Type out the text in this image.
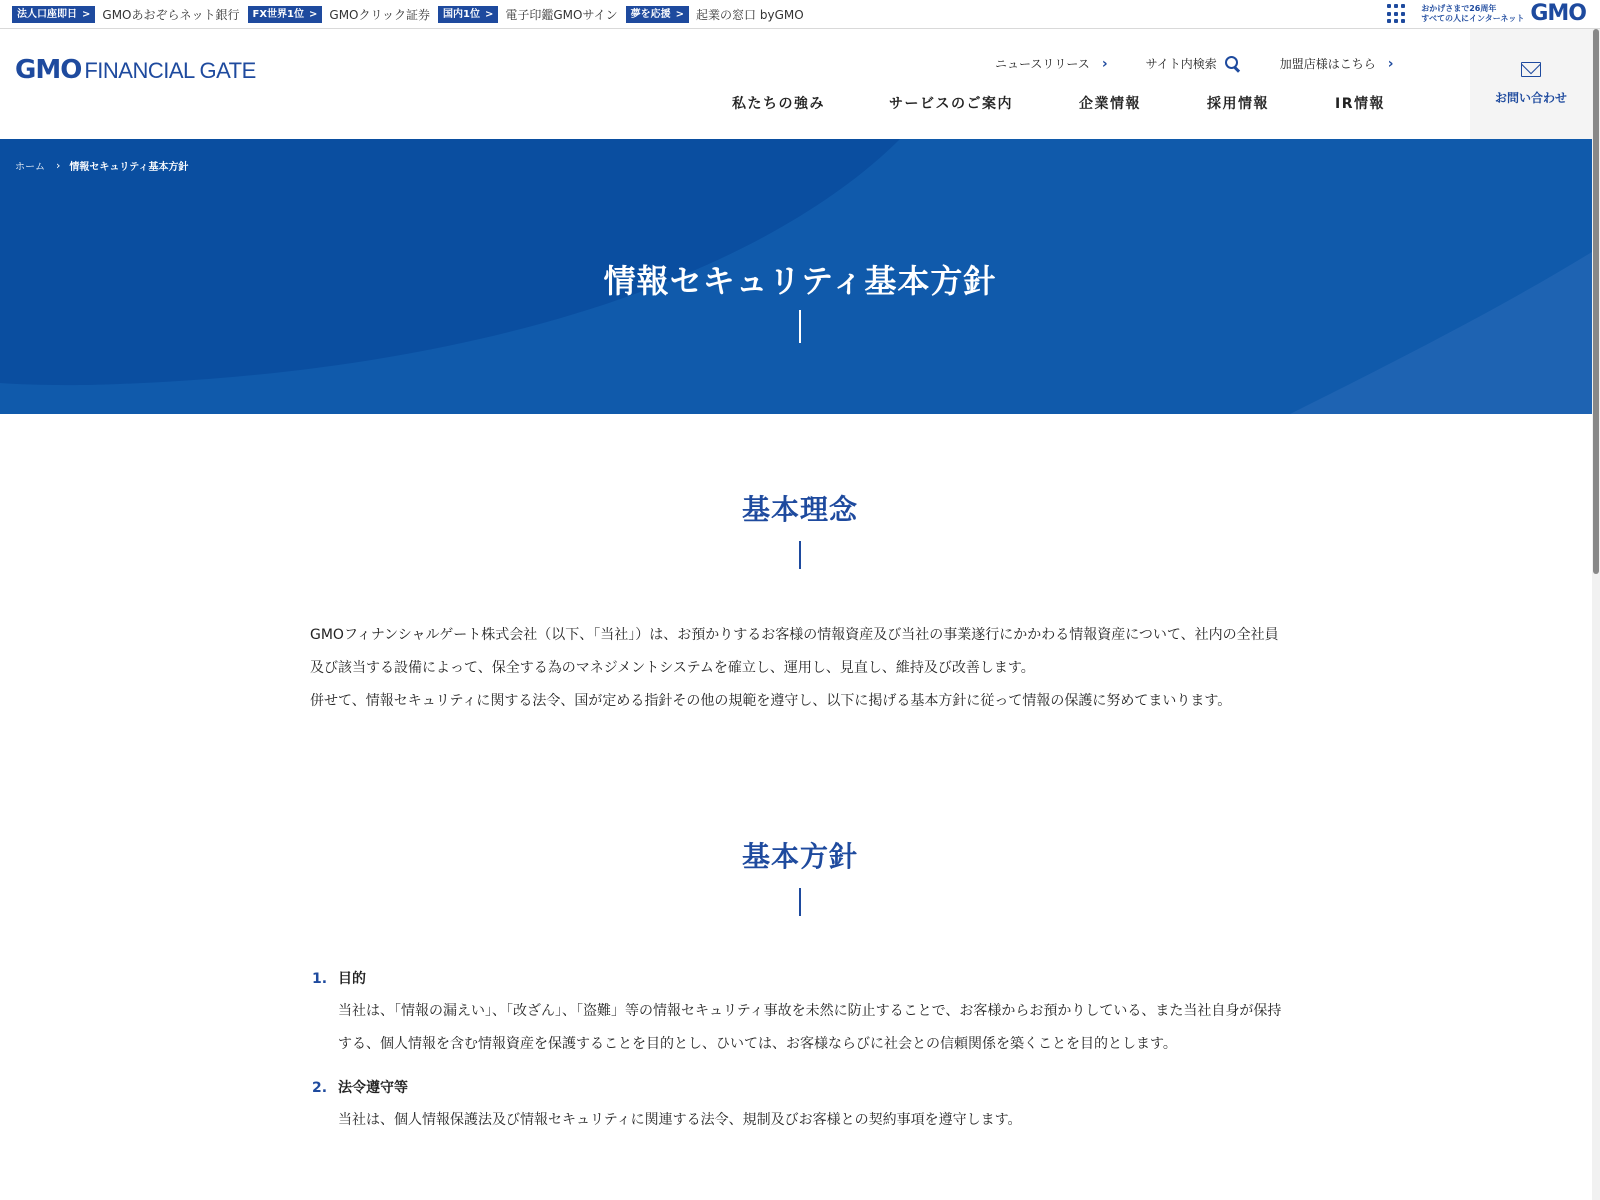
法人口座即日 >	GMOあおぞらネット銀行	FX世界1位 >	GMOクリック証券	国内1位 >	電子印鑑GMOサイン	夢を応援 >	起業の窓口 byGMO	おかげさまで26周年
すべての人にインターネット GMO
GMO FINANCIAL GATE	ニュースリリース ›	サイト内検索	加盟店様はこちら ›
私たちの強み	サービスのご案内	企業情報	採用情報	IR情報	お問い合わせ
ホーム › 情報セキュリティ基本方針
情報セキュリティ基本方針
基本理念

GMOフィナンシャルゲート株式会社（以下、「当社」）は、お預かりするお客様の情報資産及び当社の事業遂行にかかわる情報資産について、社内の全社員及び該当する設備によって、保全する為のマネジメントシステムを確立し、運用し、見直し、維持及び改善します。

併せて、情報セキュリティに関する法令、国が定める指針その他の規範を遵守し、以下に掲げる基本方針に従って情報の保護に努めてまいります。

基本方針
1. 目的
当社は、「情報の漏えい」、「改ざん」、「盗難」等の情報セキュリティ事故を未然に防止することで、お客様からお預かりしている、また当社自身が保持する、個人情報を含む情報資産を保護することを目的とし、ひいては、お客様ならびに社会との信頼関係を築くことを目的とします。
2. 法令遵守等
当社は、個人情報保護法及び情報セキュリティに関連する法令、規制及びお客様との契約事項を遵守します。
